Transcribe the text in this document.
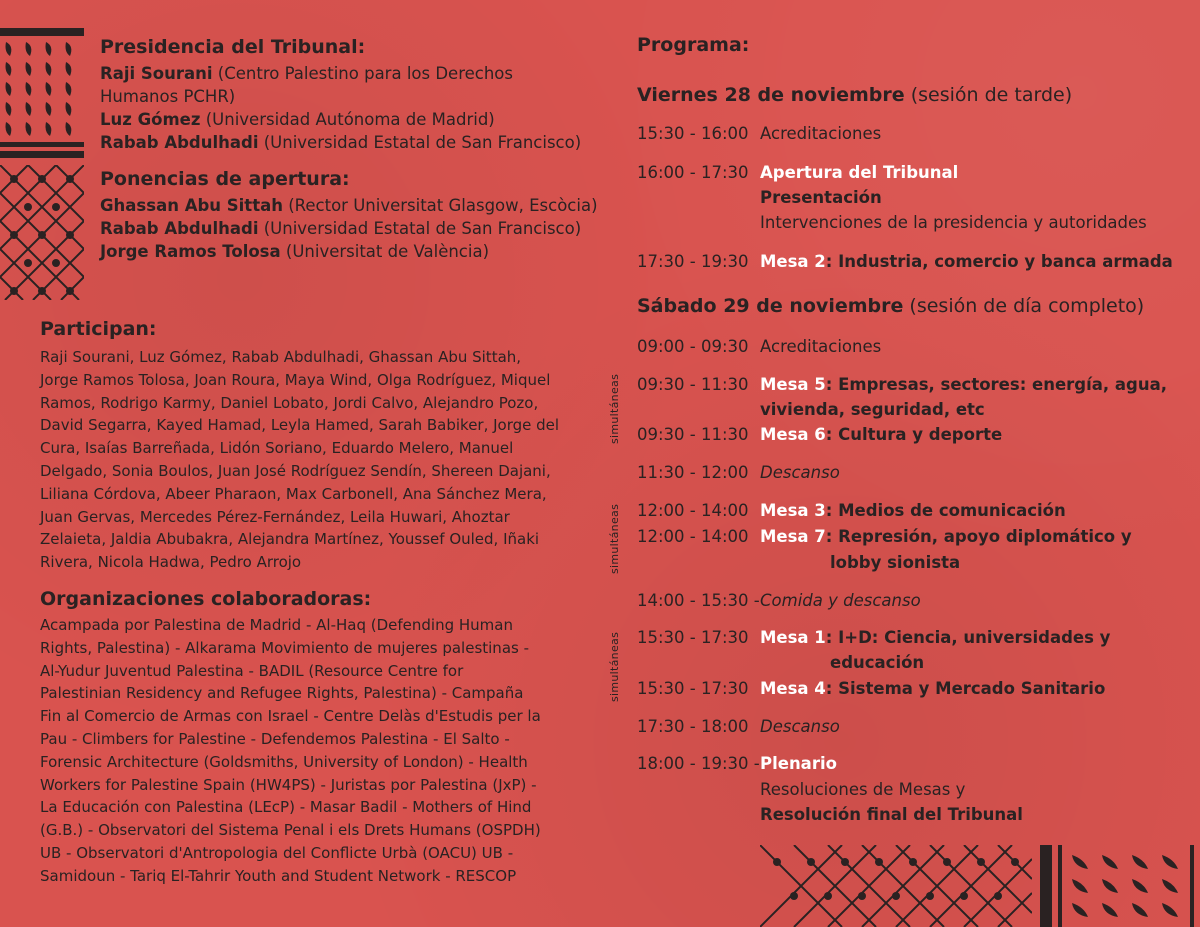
Presidencia del Tribunal:
Raji Sourani (Centro Palestino para los Derechos
Humanos PCHR)
Luz Gómez (Universidad Autónoma de Madrid)
Rabab Abdulhadi (Universidad Estatal de San Francisco)
Ponencias de apertura:
Ghassan Abu Sittah (Rector Universitat Glasgow, Escòcia)
Rabab Abdulhadi (Universidad Estatal de San Francisco)
Jorge Ramos Tolosa (Universitat de València)
Participan:
Raji Sourani, Luz Gómez, Rabab Abdulhadi, Ghassan Abu Sittah,
Jorge Ramos Tolosa, Joan Roura, Maya Wind, Olga Rodríguez, Miquel
Ramos, Rodrigo Karmy, Daniel Lobato, Jordi Calvo, Alejandro Pozo,
David Segarra, Kayed Hamad, Leyla Hamed, Sarah Babiker, Jorge del
Cura, Isaías Barreñada, Lidón Soriano, Eduardo Melero, Manuel
Delgado, Sonia Boulos, Juan José Rodríguez Sendín, Shereen Dajani,
Liliana Córdova, Abeer Pharaon, Max Carbonell, Ana Sánchez Mera,
Juan Gervas, Mercedes Pérez-Fernández, Leila Huwari, Ahoztar
Zelaieta, Jaldia Abubakra, Alejandra Martínez, Youssef Ouled, Iñaki
Rivera, Nicola Hadwa, Pedro Arrojo
Organizaciones colaboradoras:
Acampada por Palestina de Madrid - Al-Haq (Defending Human
Rights, Palestina) - Alkarama Movimiento de mujeres palestinas -
Al-Yudur Juventud Palestina - BADIL (Resource Centre for
Palestinian Residency and Refugee Rights, Palestina) - Campaña
Fin al Comercio de Armas con Israel - Centre Delàs d'Estudis per la
Pau - Climbers for Palestine - Defendemos Palestina - El Salto -
Forensic Architecture (Goldsmiths, University of London) - Health
Workers for Palestine Spain (HW4PS) - Juristas por Palestina (JxP) -
La Educación con Palestina (LEcP) - Masar Badil - Mothers of Hind
(G.B.) - Observatori del Sistema Penal i els Drets Humans (OSPDH)
UB - Observatori d'Antropologia del Conflicte Urbà (OACU) UB -
Samidoun - Tariq El-Tahrir Youth and Student Network - RESCOP
Programa:
Viernes 28 de noviembre (sesión de tarde)
15:30 - 16:00 Acreditaciones
16:00 - 17:30 Apertura del Tribunal
Presentación
Intervenciones de la presidencia y autoridades
17:30 - 19:30 Mesa 2: Industria, comercio y banca armada
Sábado 29 de noviembre (sesión de día completo)
09:00 - 09:30 Acreditaciones
09:30 - 11:30 Mesa 5: Empresas, sectores: energía, agua,
vivienda, seguridad, etc
09:30 - 11:30 Mesa 6: Cultura y deporte
11:30 - 12:00 Descanso
12:00 - 14:00 Mesa 3: Medios de comunicación
12:00 - 14:00 Mesa 7: Represión, apoyo diplomático y
lobby sionista
14:00 - 15:30 - Comida y descanso
15:30 - 17:30 Mesa 1: I+D: Ciencia, universidades y
educación
15:30 - 17:30 Mesa 4: Sistema y Mercado Sanitario
17:30 - 18:00 Descanso
18:00 - 19:30 - Plenario
Resoluciones de Mesas y
Resolución final del Tribunal
simultáneas
simultáneas
simultáneas
